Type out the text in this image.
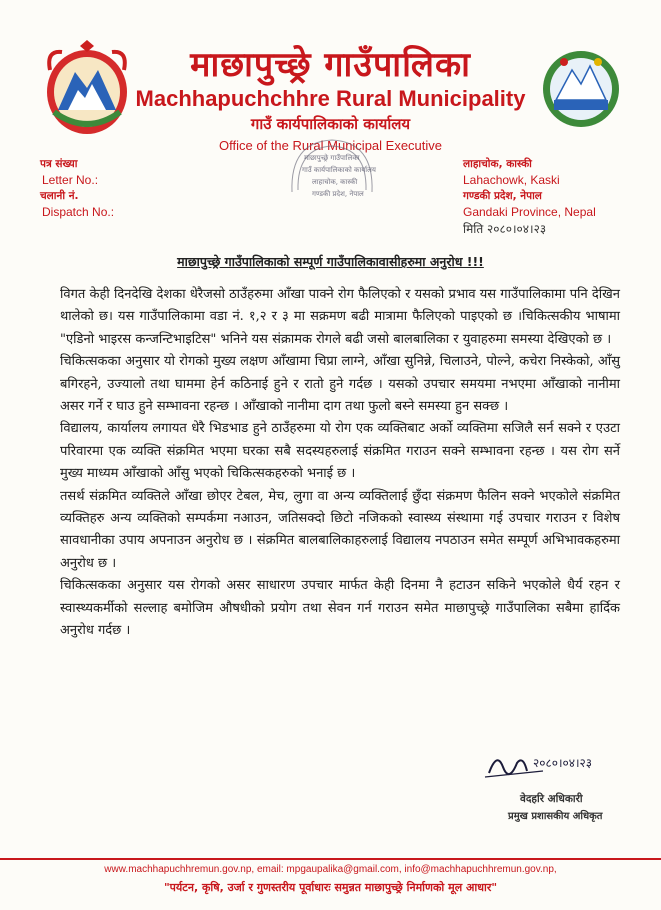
माछापुच्छ्रे गाउँपालिका
Machhapuchchhre Rural Municipality
गाउँ कार्यपालिकाको कार्यालय
Office of the Rural Municipal Executive
पत्र संख्या
Letter No.:
चलानी नं.
Dispatch No.:
माछापुच्छ्रे गाउँपालिका
गाउँ कार्यपालिकाको कार्यालय
लाहाचोक, कास्की
गण्डकी प्रदेश, नेपाल
लाहाचोक, कास्की
Lahachowk, Kaski
गण्डकी प्रदेश, नेपाल
Gandaki Province, Nepal
मिति २०८०।०४।२३
माछापुच्छ्रे गाउँपालिकाको सम्पूर्ण गाउँपालिकावासीहरुमा अनुरोध !!!

विगत केही दिनदेखि देशका धेरैजसो ठाउँहरुमा आँखा पाक्ने रोग फैलिएको र यसको प्रभाव यस गाउँपालिकामा पनि देखिन थालेको छ। यस गाउँपालिकामा वडा नं. १,२ र ३ मा सक्रमण बढी मात्रामा फैलिएको पाइएको छ ।चिकित्सकीय भाषामा "एडिनो भाइरस कन्जन्टिभाइटिस" भनिने यस संक्रामक रोगले बढी जसो बालबालिका र युवाहरुमा समस्या देखिएको छ ।

चिकित्सकका अनुसार यो रोगको मुख्य लक्षण आँखामा चिप्रा लाग्ने, आँखा सुनिन्ने, चिलाउने, पोल्ने, कचेरा निस्केको, आँसु बगिरहने, उज्यालो तथा घाममा हेर्न कठिनाई हुने र रातो हुने गर्दछ । यसको उपचार समयमा नभएमा आँखाको नानीमा असर गर्ने र घाउ हुने सम्भावना रहन्छ । आँखाको नानीमा दाग तथा फुलो बस्ने समस्या हुन सक्छ ।

विद्यालय, कार्यालय लगायत धेरै भिडभाड हुने ठाउँहरुमा यो रोग एक व्यक्तिबाट अर्को व्यक्तिमा सजिलै सर्न सक्ने र एउटा परिवारमा एक व्यक्ति संक्रमित भएमा घरका सबै सदस्यहरुलाई संक्रमित गराउन सक्ने सम्भावना रहन्छ । यस रोग सर्ने मुख्य माध्यम आँखाको आँसु भएको चिकित्सकहरुको भनाई छ ।

तसर्थ संक्रमित व्यक्तिले आँखा छोएर टेबल, मेच, लुगा वा अन्य व्यक्तिलाई छुँदा संक्रमण फैलिन सक्ने भएकोले संक्रमित व्यक्तिहरु अन्य व्यक्तिको सम्पर्कमा नआउन, जतिसक्दो छिटो नजिकको स्वास्थ्य संस्थामा गई उपचार गराउन र विशेष सावधानीका उपाय अपनाउन अनुरोध छ । संक्रमित बालबालिकाहरुलाई विद्यालय नपठाउन समेत सम्पूर्ण अभिभावकहरुमा अनुरोध छ ।

चिकित्सकका अनुसार यस रोगको असर साधारण उपचार मार्फत केही दिनमा नै हटाउन सकिने भएकोले धैर्य रहन र स्वास्थ्यकर्मीको सल्लाह बमोजिम औषधीको प्रयोग तथा सेवन गर्न गराउन समेत माछापुच्छ्रे गाउँपालिका सबैमा हार्दिक अनुरोध गर्दछ ।

२०८०।०४।२३
वेदहरि अधिकारी
प्रमुख प्रशासकीय अधिकृत
www.machhapuchhremun.gov.np, email: mpgaupalika@gmail.com, info@machhapuchhremun.gov.np,
"पर्यटन, कृषि, उर्जा र गुणस्तरीय पूर्वाधारः समुन्नत माछापुच्छ्रे निर्माणको मूल आधार"
